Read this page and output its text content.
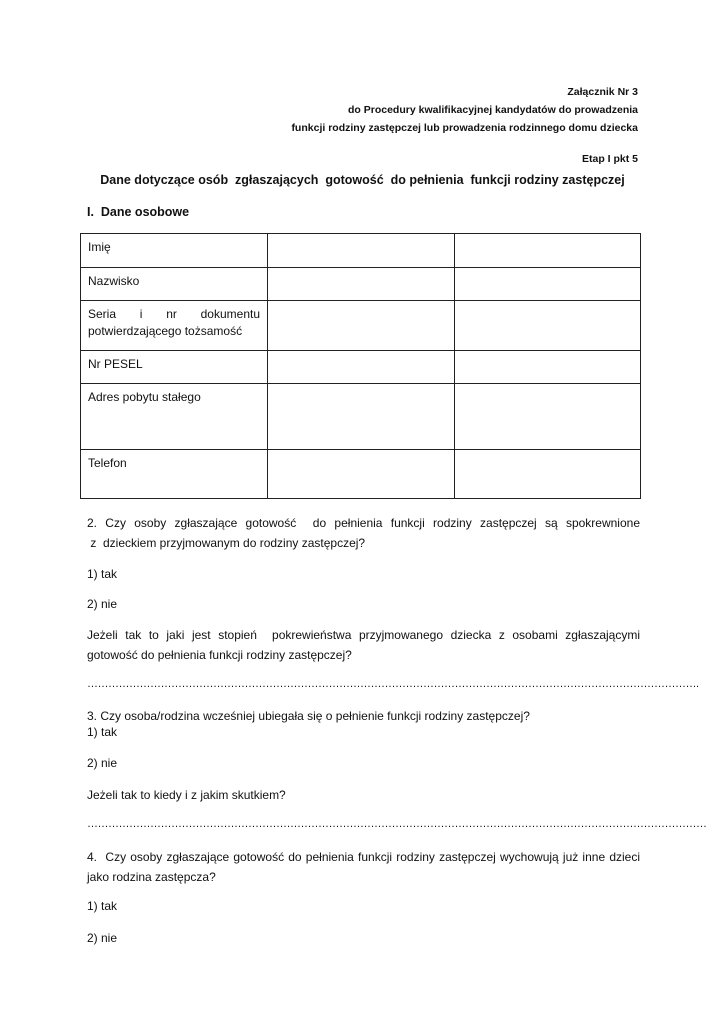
Załącznik Nr 3
do Procedury kwalifikacyjnej kandydatów do prowadzenia
funkcji rodziny zastępczej lub prowadzenia rodzinnego domu dziecka
Etap I pkt 5
Dane dotyczące osób  zgłaszających  gotowość  do pełnienia  funkcji rodziny zastępczej
I.  Dane osobowe
Imię		
Nazwisko		

Seria     i     nr     dokumentu
potwierdzającego tożsamość		

Nr PESEL		
Adres pobytu stałego		
Telefon		
2.  Czy  osoby  zgłaszające  gotowość    do  pełnienia  funkcji  rodziny  zastępczej  są  spokrewnione
z  dzieckiem przyjmowanym do rodziny zastępczej?
1) tak
2) nie
Jeżeli  tak  to  jaki  jest  stopień    pokrewieństwa  przyjmowanego  dziecka  z  osobami  zgłaszającymi
gotowość do pełnienia funkcji rodziny zastępczej?
………………………………………………………………………………………………………………………………………………………….
3. Czy osoba/rodzina wcześniej ubiegała się o pełnienie funkcji rodziny zastępczej?
1) tak
2) nie
Jeżeli tak to kiedy i z jakim skutkiem?
……………………………………………………………………………………………………………………………………………………………
4.  Czy osoby zgłaszające gotowość do pełnienia funkcji rodziny zastępczej wychowują już inne dzieci
jako rodzina zastępcza?
1) tak
2) nie
